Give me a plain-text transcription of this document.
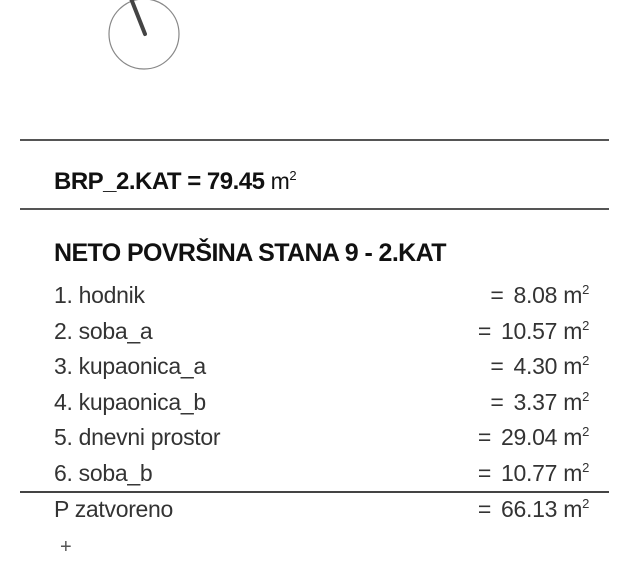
BRP_2.KAT = 79.45 $m^2$
NETO POVRŠINA STANA 9 - 2.KAT
1. hodnik	= 8.08 $m^2$
2. soba_a	= 10.57 $m^2$
3. kupaonica_a	= 4.30 $m^2$
4. kupaonica_b	= 3.37 $m^2$
5. dnevni prostor	= 29.04 $m^2$
6. soba_b	= 10.77 $m^2$
P zatvoreno	= 66.13 $m^2$
+
